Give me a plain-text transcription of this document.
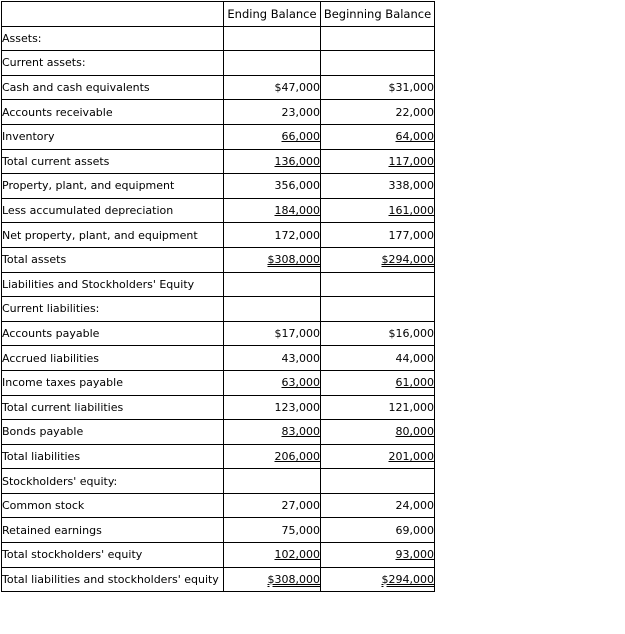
	Ending Balance	Beginning Balance
Assets:		
Current assets:		
Cash and cash equivalents	$47,000	$31,000
Accounts receivable	23,000	22,000
Inventory	66,000	64,000
Total current assets	136,000	117,000
Property, plant, and equipment	356,000	338,000
Less accumulated depreciation	184,000	161,000
Net property, plant, and equipment	172,000	177,000
Total assets	$308,000	$294,000
Liabilities and Stockholders' Equity		
Current liabilities:		
Accounts payable	$17,000	$16,000
Accrued liabilities	43,000	44,000
Income taxes payable	63,000	61,000
Total current liabilities	123,000	121,000
Bonds payable	83,000	80,000
Total liabilities	206,000	201,000
Stockholders' equity:		
Common stock	27,000	24,000
Retained earnings	75,000	69,000
Total stockholders' equity	102,000	93,000
Total liabilities and stockholders' equity	$308,000	$294,000
